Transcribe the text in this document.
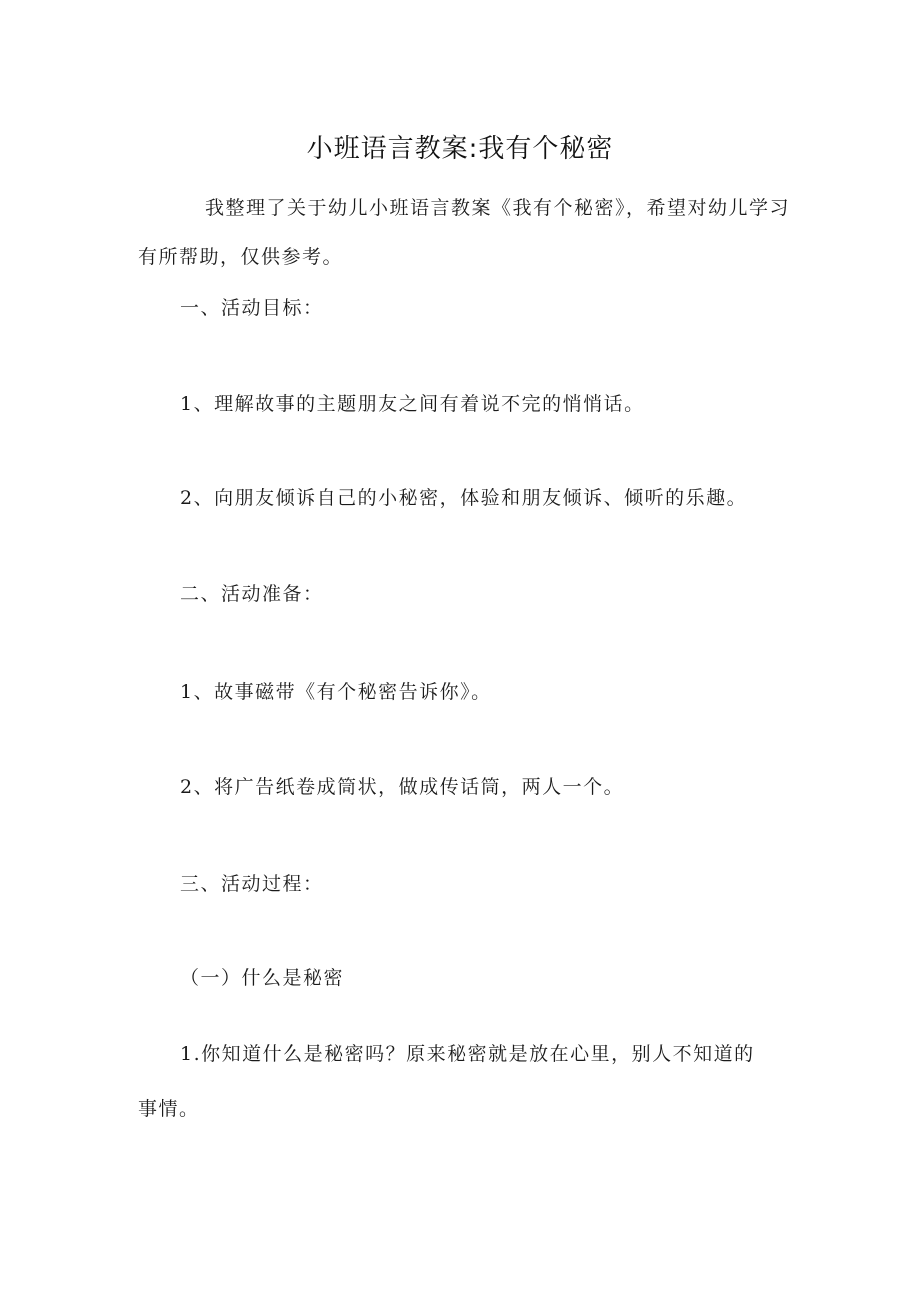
小班语言教案:我有个秘密
我整理了关于幼儿小班语言教案《我有个秘密》，希望对幼儿学习
有所帮助，仅供参考。
一、活动目标：
1、理解故事的主题朋友之间有着说不完的悄悄话。
2、向朋友倾诉自己的小秘密，体验和朋友倾诉、倾听的乐趣。
二、活动准备：
1、故事磁带《有个秘密告诉你》。
2、将广告纸卷成筒状，做成传话筒，两人一个。
三、活动过程：
（一）什么是秘密
1.你知道什么是秘密吗？原来秘密就是放在心里，别人不知道的
事情。
